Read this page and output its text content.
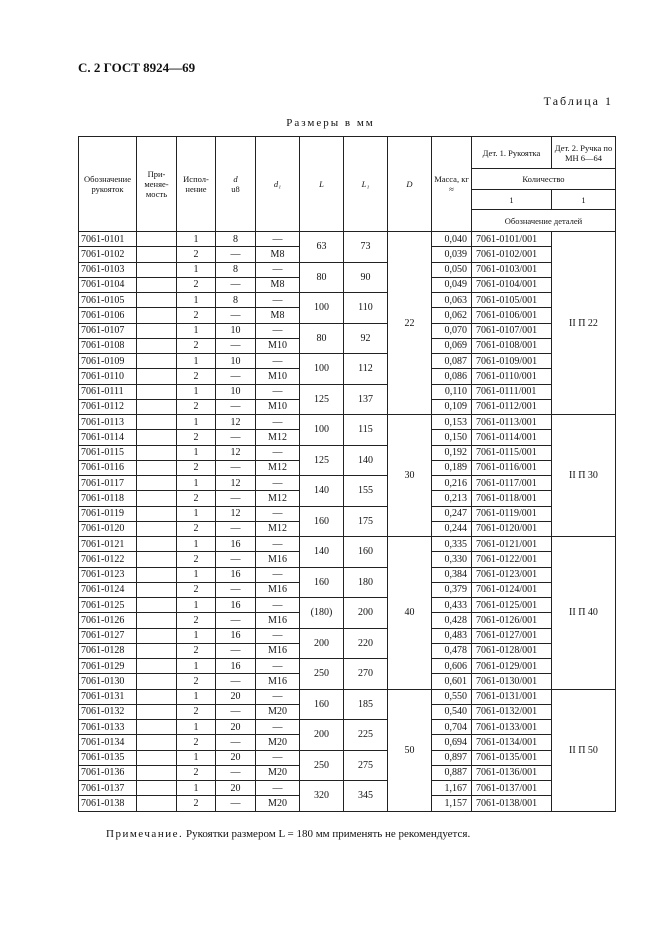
С. 2 ГОСТ 8924—69
Таблица 1
Размеры в мм
Обозначение рукояток	При-меняе-мость	Испол-нение	d
u8	d₁	L	L₁	D	Масса, кг
≈	Дет. 1. Рукоятка	Дет. 2. Ручка по МН 6—64
									Количество	
									1	1
									Обозначение деталей	
7061-0101		1	8	—	63	73	22	0,040	7061-0101/001	II П 22
7061-0102		2	—	M8				0,039	7061-0102/001	
7061-0103		1	8	—	80	90		0,050	7061-0103/001	
7061-0104		2	—	M8				0,049	7061-0104/001	
7061-0105		1	8	—	100	110		0,063	7061-0105/001	
7061-0106		2	—	M8				0,062	7061-0106/001	
7061-0107		1	10	—	80	92		0,070	7061-0107/001	
7061-0108		2	—	M10				0,069	7061-0108/001	
7061-0109		1	10	—	100	112		0,087	7061-0109/001	
7061-0110		2	—	M10				0,086	7061-0110/001	
7061-0111		1	10	—	125	137		0,110	7061-0111/001	
7061-0112		2	—	M10				0,109	7061-0112/001	
7061-0113		1	12	—	100	115	30	0,153	7061-0113/001	II П 30
7061-0114		2	—	M12				0,150	7061-0114/001	
7061-0115		1	12	—	125	140		0,192	7061-0115/001	
7061-0116		2	—	M12				0,189	7061-0116/001	
7061-0117		1	12	—	140	155		0,216	7061-0117/001	
7061-0118		2	—	M12				0,213	7061-0118/001	
7061-0119		1	12	—	160	175		0,247	7061-0119/001	
7061-0120		2	—	M12				0,244	7061-0120/001	
7061-0121		1	16	—	140	160	40	0,335	7061-0121/001	II П 40
7061-0122		2	—	M16				0,330	7061-0122/001	
7061-0123		1	16	—	160	180		0,384	7061-0123/001	
7061-0124		2	—	M16				0,379	7061-0124/001	
7061-0125		1	16	—	(180)	200		0,433	7061-0125/001	
7061-0126		2	—	M16				0,428	7061-0126/001	
7061-0127		1	16	—	200	220		0,483	7061-0127/001	
7061-0128		2	—	M16				0,478	7061-0128/001	
7061-0129		1	16	—	250	270		0,606	7061-0129/001	
7061-0130		2	—	M16				0,601	7061-0130/001	
7061-0131		1	20	—	160	185	50	0,550	7061-0131/001	II П 50
7061-0132		2	—	M20				0,540	7061-0132/001	
7061-0133		1	20	—	200	225		0,704	7061-0133/001	
7061-0134		2	—	M20				0,694	7061-0134/001	
7061-0135		1	20	—	250	275		0,897	7061-0135/001	
7061-0136		2	—	M20				0,887	7061-0136/001	
7061-0137		1	20	—	320	345		1,167	7061-0137/001	
7061-0138		2	—	M20				1,157	7061-0138/001	
Примечание. Рукоятки размером L = 180 мм применять не рекомендуется.
